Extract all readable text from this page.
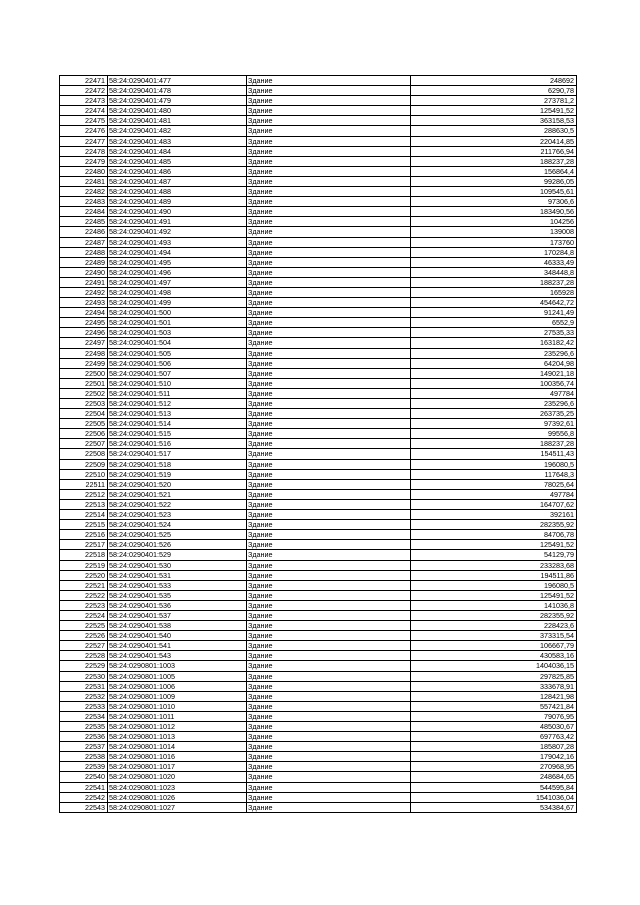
22471	58:24:0290401:477	Здание	248692
22472	58:24:0290401:478	Здание	6290,78
22473	58:24:0290401:479	Здание	273781,2
22474	58:24:0290401:480	Здание	125491,52
22475	58:24:0290401:481	Здание	363158,53
22476	58:24:0290401:482	Здание	288630,5
22477	58:24:0290401:483	Здание	220414,85
22478	58:24:0290401:484	Здание	211766,94
22479	58:24:0290401:485	Здание	188237,28
22480	58:24:0290401:486	Здание	156864,4
22481	58:24:0290401:487	Здание	99286,05
22482	58:24:0290401:488	Здание	109545,61
22483	58:24:0290401:489	Здание	97306,6
22484	58:24:0290401:490	Здание	183490,56
22485	58:24:0290401:491	Здание	104256
22486	58:24:0290401:492	Здание	139008
22487	58:24:0290401:493	Здание	173760
22488	58:24:0290401:494	Здание	170284,8
22489	58:24:0290401:495	Здание	46333,49
22490	58:24:0290401:496	Здание	348448,8
22491	58:24:0290401:497	Здание	188237,28
22492	58:24:0290401:498	Здание	165928
22493	58:24:0290401:499	Здание	454642,72
22494	58:24:0290401:500	Здание	91241,49
22495	58:24:0290401:501	Здание	6552,9
22496	58:24:0290401:503	Здание	27535,33
22497	58:24:0290401:504	Здание	163182,42
22498	58:24:0290401:505	Здание	235296,6
22499	58:24:0290401:506	Здание	64204,98
22500	58:24:0290401:507	Здание	149021,18
22501	58:24:0290401:510	Здание	100356,74
22502	58:24:0290401:511	Здание	497784
22503	58:24:0290401:512	Здание	235296,6
22504	58:24:0290401:513	Здание	263735,25
22505	58:24:0290401:514	Здание	97392,61
22506	58:24:0290401:515	Здание	99556,8
22507	58:24:0290401:516	Здание	188237,28
22508	58:24:0290401:517	Здание	154511,43
22509	58:24:0290401:518	Здание	196080,5
22510	58:24:0290401:519	Здание	117648,3
22511	58:24:0290401:520	Здание	78025,64
22512	58:24:0290401:521	Здание	497784
22513	58:24:0290401:522	Здание	164707,62
22514	58:24:0290401:523	Здание	392161
22515	58:24:0290401:524	Здание	282355,92
22516	58:24:0290401:525	Здание	84706,78
22517	58:24:0290401:526	Здание	125491,52
22518	58:24:0290401:529	Здание	54129,79
22519	58:24:0290401:530	Здание	233283,68
22520	58:24:0290401:531	Здание	194511,86
22521	58:24:0290401:533	Здание	196080,5
22522	58:24:0290401:535	Здание	125491,52
22523	58:24:0290401:536	Здание	141036,8
22524	58:24:0290401:537	Здание	282355,92
22525	58:24:0290401:538	Здание	228423,6
22526	58:24:0290401:540	Здание	373315,54
22527	58:24:0290401:541	Здание	106667,79
22528	58:24:0290401:543	Здание	430583,16
22529	58:24:0290801:1003	Здание	1404036,15
22530	58:24:0290801:1005	Здание	297825,85
22531	58:24:0290801:1006	Здание	333678,91
22532	58:24:0290801:1009	Здание	128421,98
22533	58:24:0290801:1010	Здание	557421,84
22534	58:24:0290801:1011	Здание	79076,95
22535	58:24:0290801:1012	Здание	485030,67
22536	58:24:0290801:1013	Здание	697763,42
22537	58:24:0290801:1014	Здание	185807,28
22538	58:24:0290801:1016	Здание	179042,16
22539	58:24:0290801:1017	Здание	270968,95
22540	58:24:0290801:1020	Здание	248684,65
22541	58:24:0290801:1023	Здание	544595,84
22542	58:24:0290801:1026	Здание	1541036,04
22543	58:24:0290801:1027	Здание	534384,67
